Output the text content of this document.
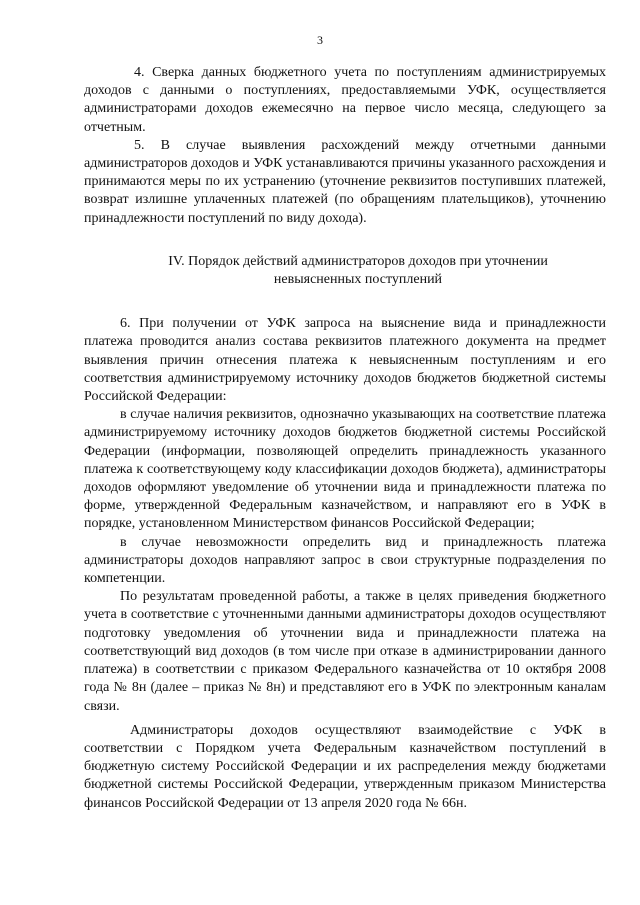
3

4. Сверка данных бюджетного учета по поступлениям администрируемых доходов с данными о поступлениях, предоставляемыми УФК, осуществляется администраторами доходов ежемесячно на первое число месяца, следующего за отчетным.

5. В случае выявления расхождений между отчетными данными администраторов доходов и УФК устанавливаются причины указанного расхождения и принимаются меры по их устранению (уточнение реквизитов поступивших платежей, возврат излишне уплаченных платежей (по обращениям плательщиков), уточнению принадлежности поступлений по виду дохода).

IV. Порядок действий администраторов доходов при уточнении
невыясненных поступлений

6. При получении от УФК запроса на выяснение вида и принадлежности платежа проводится анализ состава реквизитов платежного документа на предмет выявления причин отнесения платежа к невыясненным поступлениям и его соответствия администрируемому источнику доходов бюджетов бюджетной системы Российской Федерации:

в случае наличия реквизитов, однозначно указывающих на соответствие платежа администрируемому источнику доходов бюджетов бюджетной системы Российской Федерации (информации, позволяющей определить принадлежность указанного платежа к соответствующему коду классификации доходов бюджета), администраторы доходов оформляют уведомление об уточнении вида и принадлежности платежа по форме, утвержденной Федеральным казначейством, и направляют его в УФК в порядке, установленном Министерством финансов Российской Федерации;

в случае невозможности определить вид и принадлежность платежа администраторы доходов направляют запрос в свои структурные подразделения по компетенции.

По результатам проведенной работы, а также в целях приведения бюджетного учета в соответствие с уточненными данными администраторы доходов осуществляют подготовку уведомления об уточнении вида и принадлежности платежа на соответствующий вид доходов (в том числе при отказе в администрировании данного платежа) в соответствии с приказом Федерального казначейства от 10 октября 2008 года № 8н (далее – приказ № 8н) и представляют его в УФК по электронным каналам связи.

Администраторы доходов осуществляют взаимодействие с УФК в соответствии с Порядком учета Федеральным казначейством поступлений в бюджетную систему Российской Федерации и их распределения между бюджетами бюджетной системы Российской Федерации, утвержденным приказом Министерства финансов Российской Федерации от 13 апреля 2020 года № 66н.
